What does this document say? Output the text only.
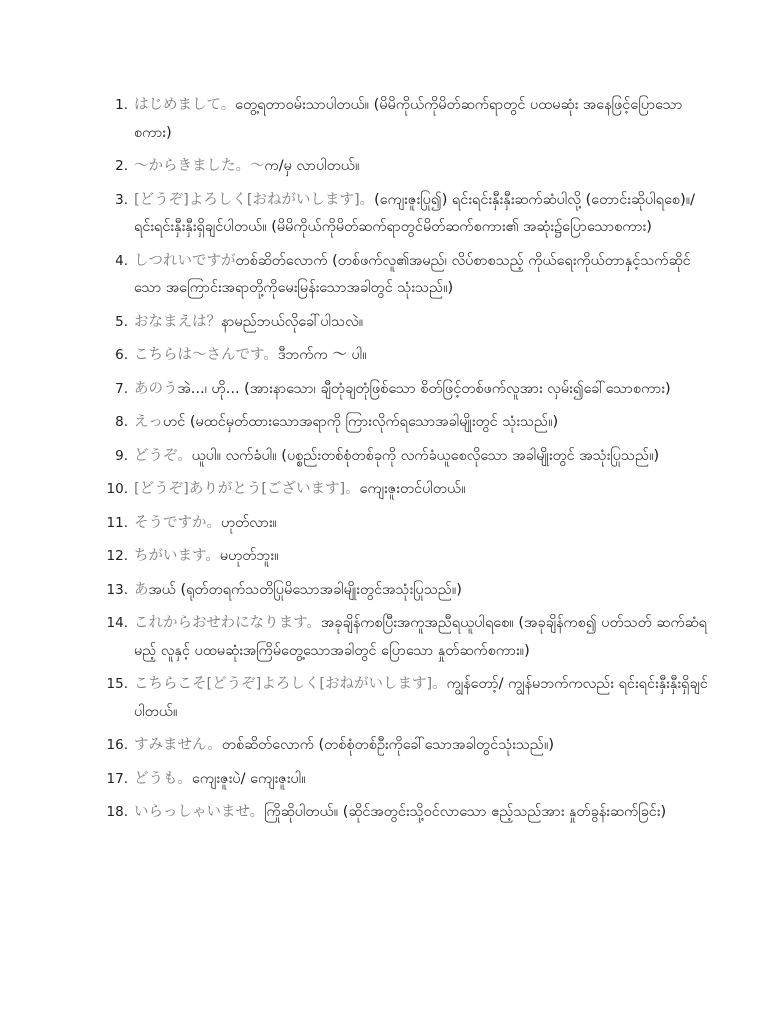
1. はじめまして。တွေ့ရတာဝမ်းသာပါတယ်။ (မိမိကိုယ်ကိုမိတ်ဆက်ရာတွင် ပထမဆုံး အနေဖြင့်ပြောသောစကား)
2. ～からきました。～က/မှ လာပါတယ်။
3. [どうぞ]よろしく[おねがいします]。(ကျေးဇူးပြု၍) ရင်းရင်းနှီးနှီးဆက်ဆံပါလို့ (တောင်းဆိုပါရစေ)။/ ရင်းရင်းနှီးနှီးရှိချင်ပါတယ်။ (မိမိကိုယ်ကိုမိတ်ဆက်ရာတွင်မိတ်ဆက်စကား၏ အဆုံး၌ပြောသောစကား)
4. しつれいですがတစ်ဆိတ်လောက် (တစ်ဖက်လူ၏အမည်၊ လိပ်စာစသည့် ကိုယ်ရေးကိုယ်တာနှင့်သက်ဆိုင်သော အကြောင်းအရာတို့ကိုမေးမြန်းသောအခါတွင် သုံးသည်။)
5. おなまえは？နာမည်ဘယ်လိုခေါ်ပါသလဲ။
6. こちらは～さんです。ဒီဘက်က ～ ပါ။
7. あのうအဲ...၊ ဟို... (အားနာသော၊ ချီတုံချတုံဖြစ်သော စိတ်ဖြင့်တစ်ဖက်လူအား လှမ်း၍ခေါ်သောစကား)
8. えっဟင် (မထင်မှတ်ထားသောအရာကို ကြားလိုက်ရသောအခါမျိုးတွင် သုံးသည်။)
9. どうぞ。ယူပါ။ လက်ခံပါ။ (ပစ္စည်းတစ်စုံတစ်ခုကို လက်ခံယူစေလိုသော အခါမျိုးတွင် အသုံးပြုသည်။)
10. [どうぞ]ありがとう[ございます]。ကျေးဇူးတင်ပါတယ်။
11. そうですか。ဟုတ်လား။
12. ちがいます。မဟုတ်ဘူး။
13. あအယ် (ရုတ်တရက်သတိပြုမိသောအခါမျိုးတွင်အသုံးပြုသည်။)
14. これからおせわになります。အခုချိန်ကစပြီးအကူအညီရယူပါရစေ။ (အခုချိန်ကစ၍ ပတ်သတ် ဆက်ဆံရမည့် လူနှင့် ပထမဆုံးအကြိမ်တွေ့သောအခါတွင် ပြောသော နှုတ်ဆက်စကား။)
15. こちらこそ[どうぞ]よろしく[おねがいします]。ကျွန်တော့်/ ကျွန်မဘက်ကလည်း ရင်းရင်းနှီးနှီးရှိချင်ပါတယ်။
16. すみません。တစ်ဆိတ်လောက် (တစ်စုံတစ်ဦးကိုခေါ်သောအခါတွင်သုံးသည်။)
17. どうも。ကျေးဇူးပဲ/ ကျေးဇူးပါ။
18. いらっしゃいませ。ကြိုဆိုပါတယ်။ (ဆိုင်အတွင်းသို့ဝင်လာသော ဧည့်သည်အား နှုတ်ခွန်းဆက်ခြင်း)
